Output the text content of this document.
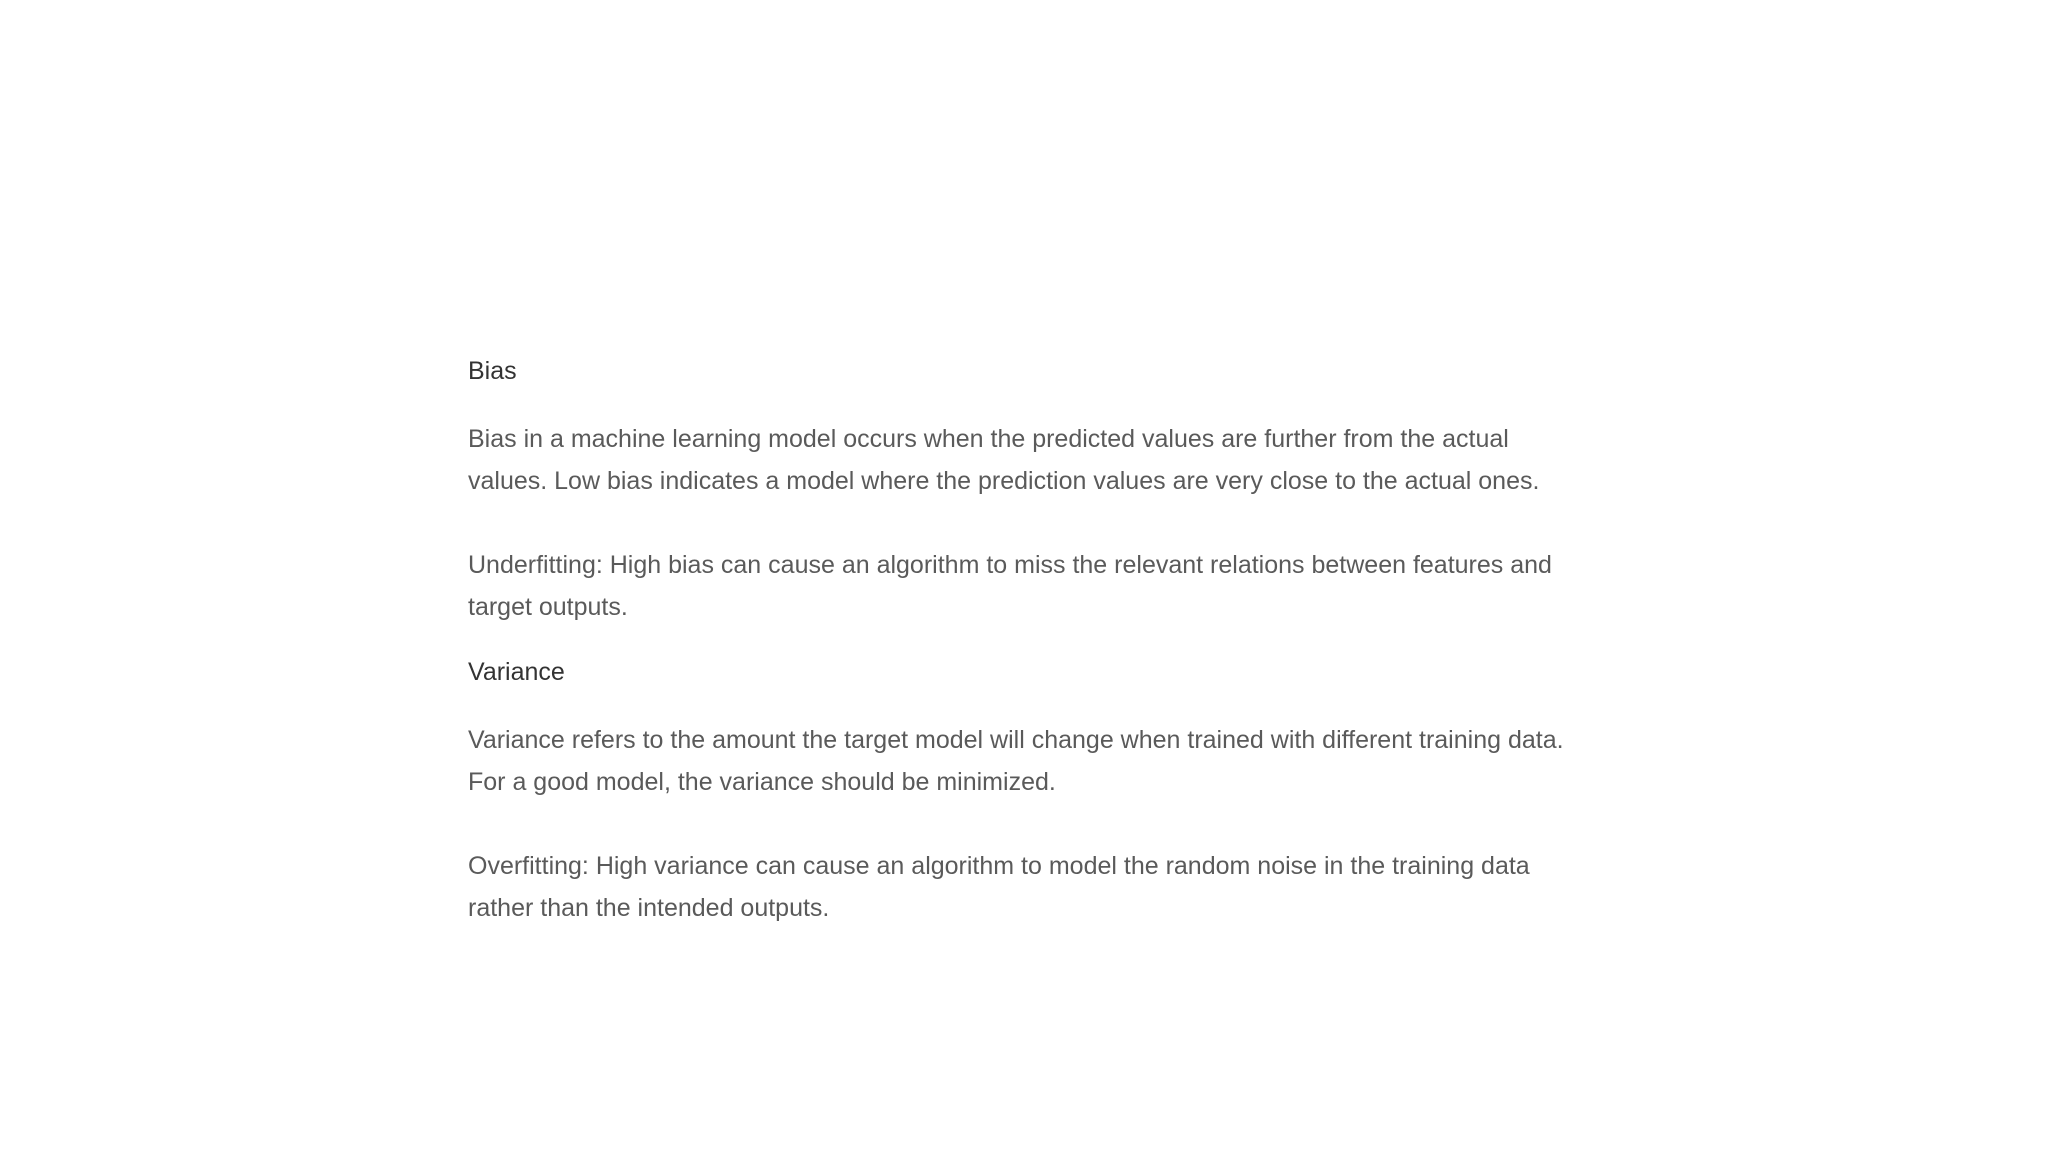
Bias

Bias in a machine learning model occurs when the predicted values are further from the actual values. Low bias indicates a model where the prediction values are very close to the actual ones.

Underfitting: High bias can cause an algorithm to miss the relevant relations between features and target outputs.

Variance

Variance refers to the amount the target model will change when trained with different training data. For a good model, the variance should be minimized.

Overfitting: High variance can cause an algorithm to model the random noise in the training data rather than the intended outputs.
